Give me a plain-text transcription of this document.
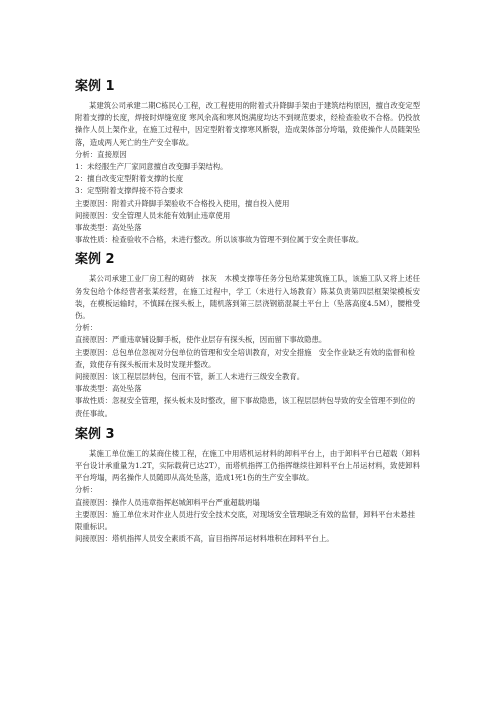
案例 1

某建筑公司承建二期C栋民心工程，改工程使用的附着式升降脚手架由于建筑结构原因，擅自改变定型附着支撑的长度，焊接时焊缝宽度 寒风余高和寒风饱满度均达不到规范要求，经检查验收不合格。仍投放操作人员上架作业，在施工过程中，因定型附着支撑寒风断裂，造成架体部分垮塌，致使操作人员随架坠落，造成两人死亡的生产安全事故。

分析：直接原因

1：未经服生产厂家同意擅自改变脚手架结构。

2：擅自改变定型附着支撑的长度

3：定型附着支撑焊接不符合要求

主要原因：附着式升降脚手架验收不合格投入使用，擅自投入使用

间接原因：安全管理人员未能有效制止违章使用

事故类型：高处坠落

事故性质：检查验收不合格，未进行整改。所以该事故为管理不到位属于安全责任事故。

案例 2

某公司承建工业厂房工程的砌砖　抹灰　木模支撑等任务分包给某建筑施工队，该施工队又将上述任务发包给个体经营者张某经营，在施工过程中，学工（未进行入场教育）陈某负责第四层框架梁模板安装，在模板运输时，不慎踩在探头板上，随机落到第三层浇钢筋混凝土平台上（坠落高度4.5M），腰椎受伤。

分析：

直接原因：严重违章铺设脚手板，使作业层存有探头板，因而留下事故隐患。

主要原因：总包单位忽视对分包单位的管理和安全培训教育，对安全措施　安全作业缺乏有效的监督和检查，致使存有探头板而未及时发现并整改。

间接原因：该工程层层转包，包而不管，新工人未进行三级安全教育。

事故类型：高处坠落

事故性质：忽视安全管理，探头板未及时整改，留下事故隐患，该工程层层转包导致的安全管理不到位的责任事故。

案例 3

某施工单位施工的某商住楼工程，在施工中用塔机运材料的卸料平台上，由于卸料平台已超载（卸料平台设计承重量为1.2T，实际载荷已达2T），而塔机指挥工仍指挥继续往卸料平台上吊运材料，致使卸料平台垮塌，两名操作人员随即从高处坠落，造成1死1伤的生产安全事故。

分析：

直接原因：操作人员违章指挥赵城卸料平台严重超载坍塌

主要原因：施工单位未对作业人员进行安全技术交底，对现场安全管理缺乏有效的监督，卸料平台未悬挂限重标识。

间接原因：塔机指挥人员安全素质不高，盲目指挥吊运材料堆积在卸料平台上。
